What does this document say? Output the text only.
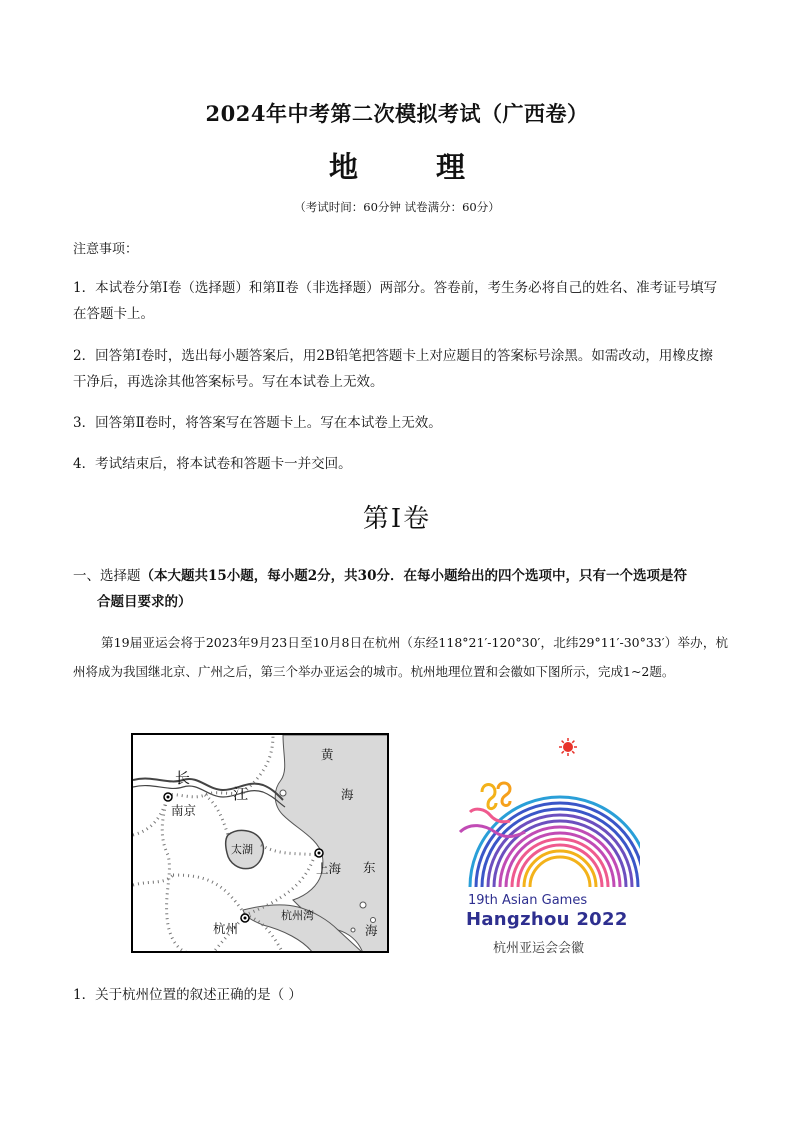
2024年中考第二次模拟考试（广西卷）
地 理
（考试时间：60分钟 试卷满分：60分）
注意事项：
1．本试卷分第Ⅰ卷（选择题）和第Ⅱ卷（非选择题）两部分。答卷前，考生务必将自己的姓名、准考证号填写在答题卡上。
2．回答第Ⅰ卷时，选出每小题答案后，用2B铅笔把答题卡上对应题目的答案标号涂黑。如需改动，用橡皮擦干净后，再选涂其他答案标号。写在本试卷上无效。
3．回答第Ⅱ卷时，将答案写在答题卡上。写在本试卷上无效。
4．考试结束后，将本试卷和答题卡一并交回。
第Ⅰ卷
一、选择题（本大题共15小题，每小题2分，共30分．在每小题给出的四个选项中，只有一个选项是符
合题目要求的）
第19届亚运会将于2023年9月23日至10月8日在杭州（东经118°21′-120°30′，北纬29°11′-30°33′）举办，杭州将成为我国继北京、广州之后，第三个举办亚运会的城市。杭州地理位置和会徽如下图所示，完成1~2题。
黄
海
长
江
南京
太湖
上海 东
杭州
杭州湾
海
19th Asian Games
Hangzhou 2022
杭州亚运会会徽
1．关于杭州位置的叙述正确的是（ ）
